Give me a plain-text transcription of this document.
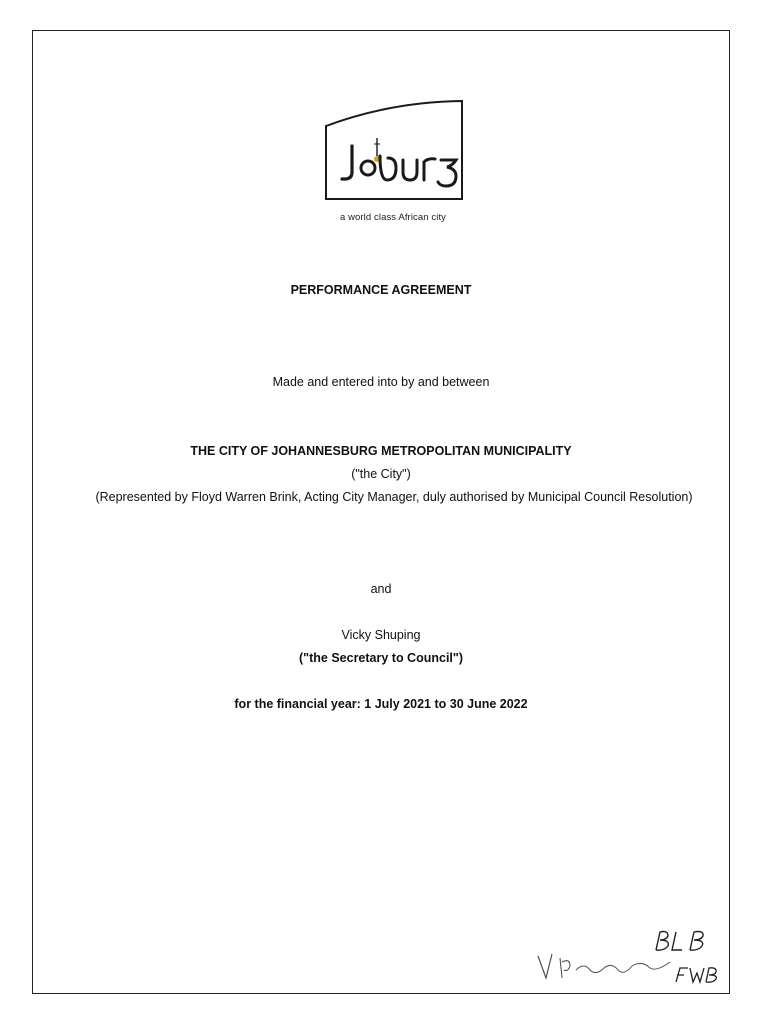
a world class African city
PERFORMANCE AGREEMENT
Made and entered into by and between
THE CITY OF JOHANNESBURG METROPOLITAN MUNICIPALITY
("the City")
(Represented by Floyd Warren Brink, Acting City Manager, duly authorised by Municipal Council Resolution)
and
Vicky Shuping
("the Secretary to Council")
for the financial year: 1 July 2021 to 30 June 2022
